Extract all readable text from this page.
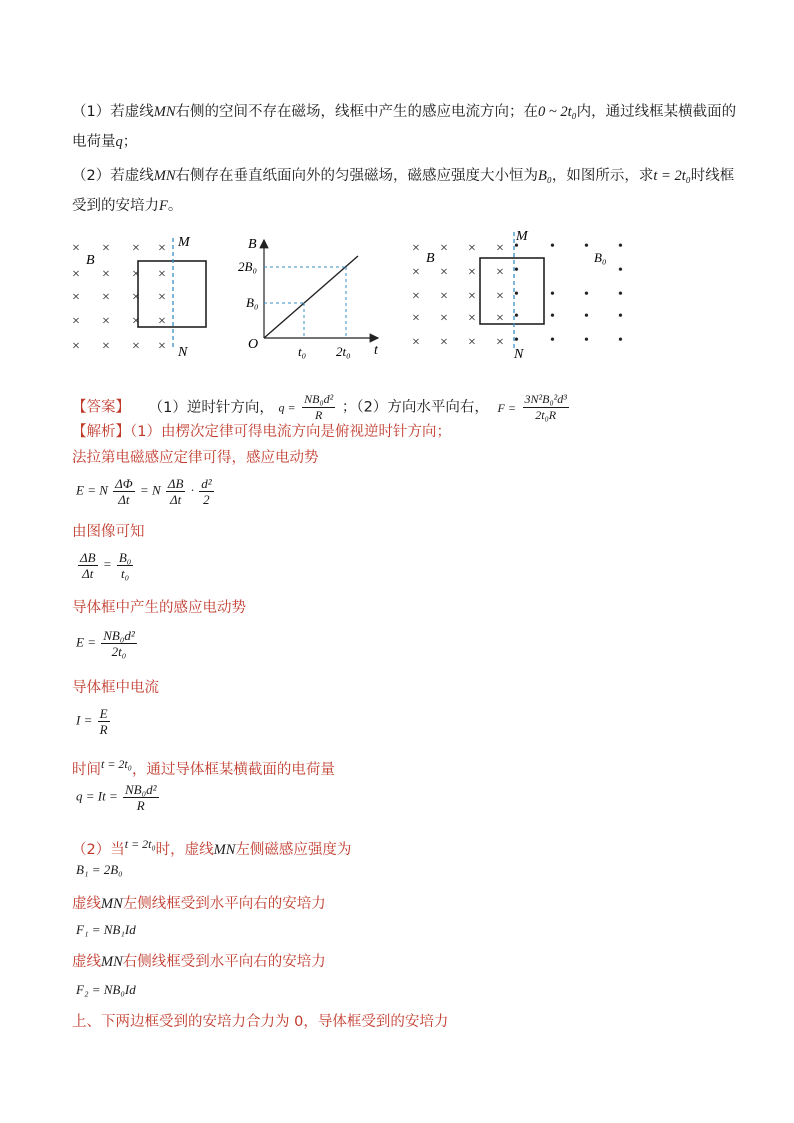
（1）若虚线MN右侧的空间不存在磁场，线框中产生的感应电流方向；在0 ~ 2t₀内，通过线框某横截面的
电荷量q；
（2）若虚线MN右侧存在垂直纸面向外的匀强磁场，磁感应强度大小恒为B₀，如图所示，求t = 2t₀时线框
受到的安培力F。
× × × ×
× × × ×
× × × ×
× × × ×
× × × ×
B
M
N
B
2B₀
B₀
O	t₀ 2t₀ t
× × × ×
× × × ×
× × × ×
× × × ×
× × × ×
• • • •
•	•
• • • •
• • • •
• • • •
B	B₀
M
N
【答案】 （1）逆时针方向， $q = \frac{\text{NB₀d²}}{R}$ ；（2）方向水平向右， $F = \frac{\text{3N²B₀²d³}}{\text{2t₀R}}$
【解析】（1）由楞次定律可得电流方向是俯视逆时针方向；
法拉第电磁感应定律可得，感应电动势
E = N $\frac{\Delta\Phi}{\Delta t} = N \frac{\Delta B}{\Delta t} \cdot \frac{\text{d²}}{2}$
由图像可知
$\frac{\Delta B}{\Delta t} = \frac{\text{B₀}}{\text{t₀}}$
导体框中产生的感应电动势
$E = \frac{\text{NB₀d²}}{\text{2t₀}}$
导体框中电流
$I = \frac{E}{R}$
时间$^{t = 2t_0}$，通过导体框某横截面的电荷量
$q = It = \frac{\text{NB₀d²}}{R}$
（2）当$^{t = 2t_0}$时，虚线MN左侧磁感应强度为
B₁ = 2B₀
虚线MN左侧线框受到水平向右的安培力
F₁ = NB₁Id
虚线MN右侧线框受到水平向右的安培力
F₂ = NB₀Id
上、下两边框受到的安培力合力为 0，导体框受到的安培力
